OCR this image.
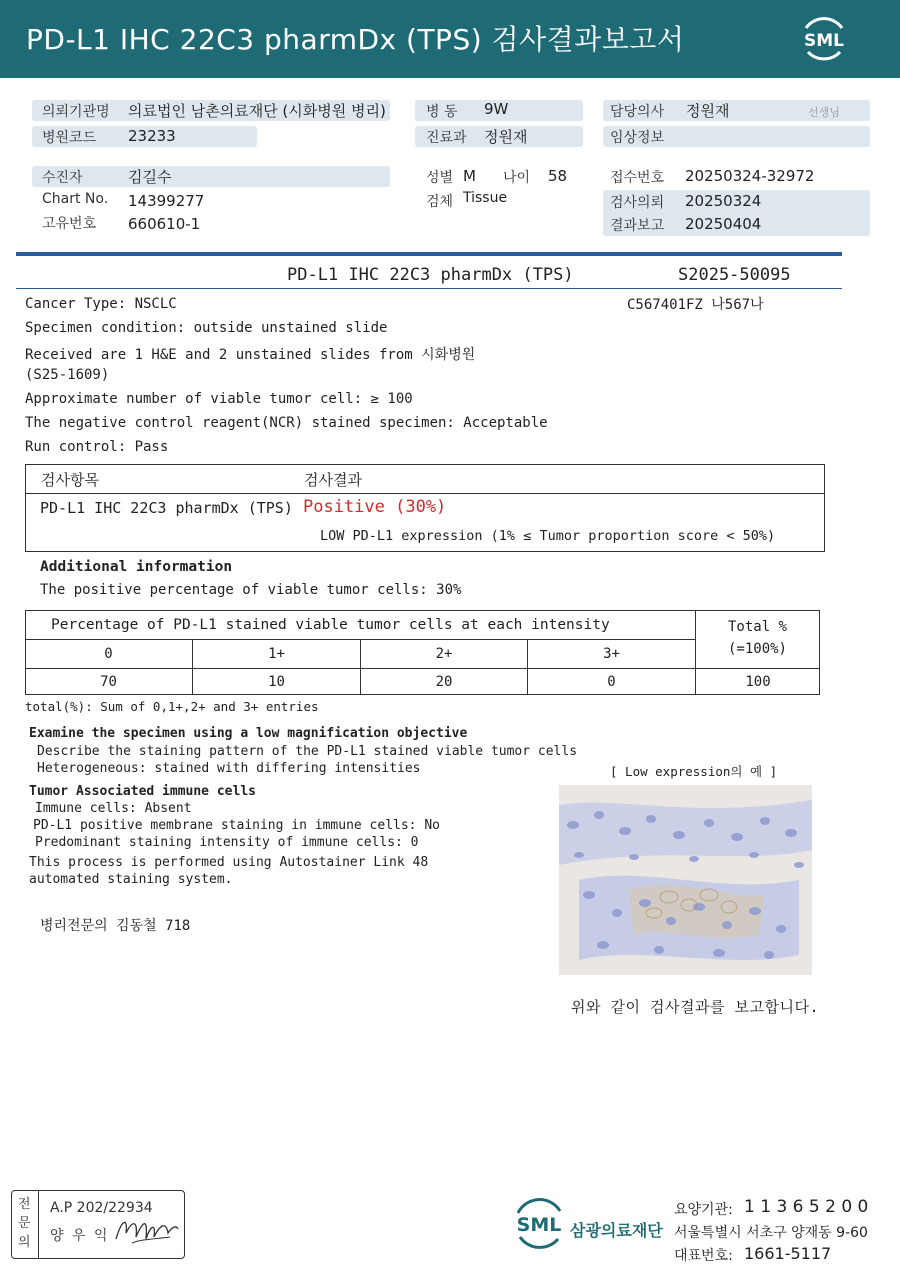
PD-L1 IHC 22C3 pharmDx (TPS) 검사결과보고서	SML
의뢰기관명 의료법인 남촌의료재단 (시화병원 병리)
병원코드 23233
병 동 9W
진료과 정원재
담당의사 정원재	선생님
임상정보
수진자	김길수
Chart No. 14399277
고유번호 660610-1
성별 M 나이 58
검체 Tissue
접수번호 20250324-32972
검사의뢰 20250324
결과보고 20250404
PD-L1 IHC 22C3 pharmDx (TPS)	S2025-50095
C567401FZ 나567나
Cancer Type: NSCLC
Specimen condition: outside unstained slide
Received are 1 H&E and 2 unstained slides from 시화병원
(S25-1609)
Approximate number of viable tumor cell: ≥ 100
The negative control reagent(NCR) stained specimen: Acceptable
Run control: Pass
검사항목	검사결과
PD-L1 IHC 22C3 pharmDx (TPS) Positive (30%)
LOW PD-L1 expression (1% ≤ Tumor proportion score < 50%)
Additional information
The positive percentage of viable tumor cells: 30%
Percentage of PD-L1 stained viable tumor cells at each intensity	Total %
(=100%)
0	1+	2+	3+
70	10	20	0	100
total(%): Sum of 0,1+,2+ and 3+ entries
Examine the specimen using a low magnification objective
Describe the staining pattern of the PD-L1 stained viable tumor cells
Heterogeneous: stained with differing intensities
Tumor Associated immune cells
Immune cells: Absent
PD-L1 positive membrane staining in immune cells: No
Predominant staining intensity of immune cells: 0
This process is performed using Autostainer Link 48
automated staining system.
병리전문의 김동철 718
[ Low expression의 예 ]
위와 같이 검사결과를 보고합니다.
전
문
의
A.P 202/22934
양 우 익	SML 삼광의료재단
요양기관: 1 1 3 6 5 2 0 0
서울특별시 서초구 양재동 9-60
대표번호: 1661-5117
